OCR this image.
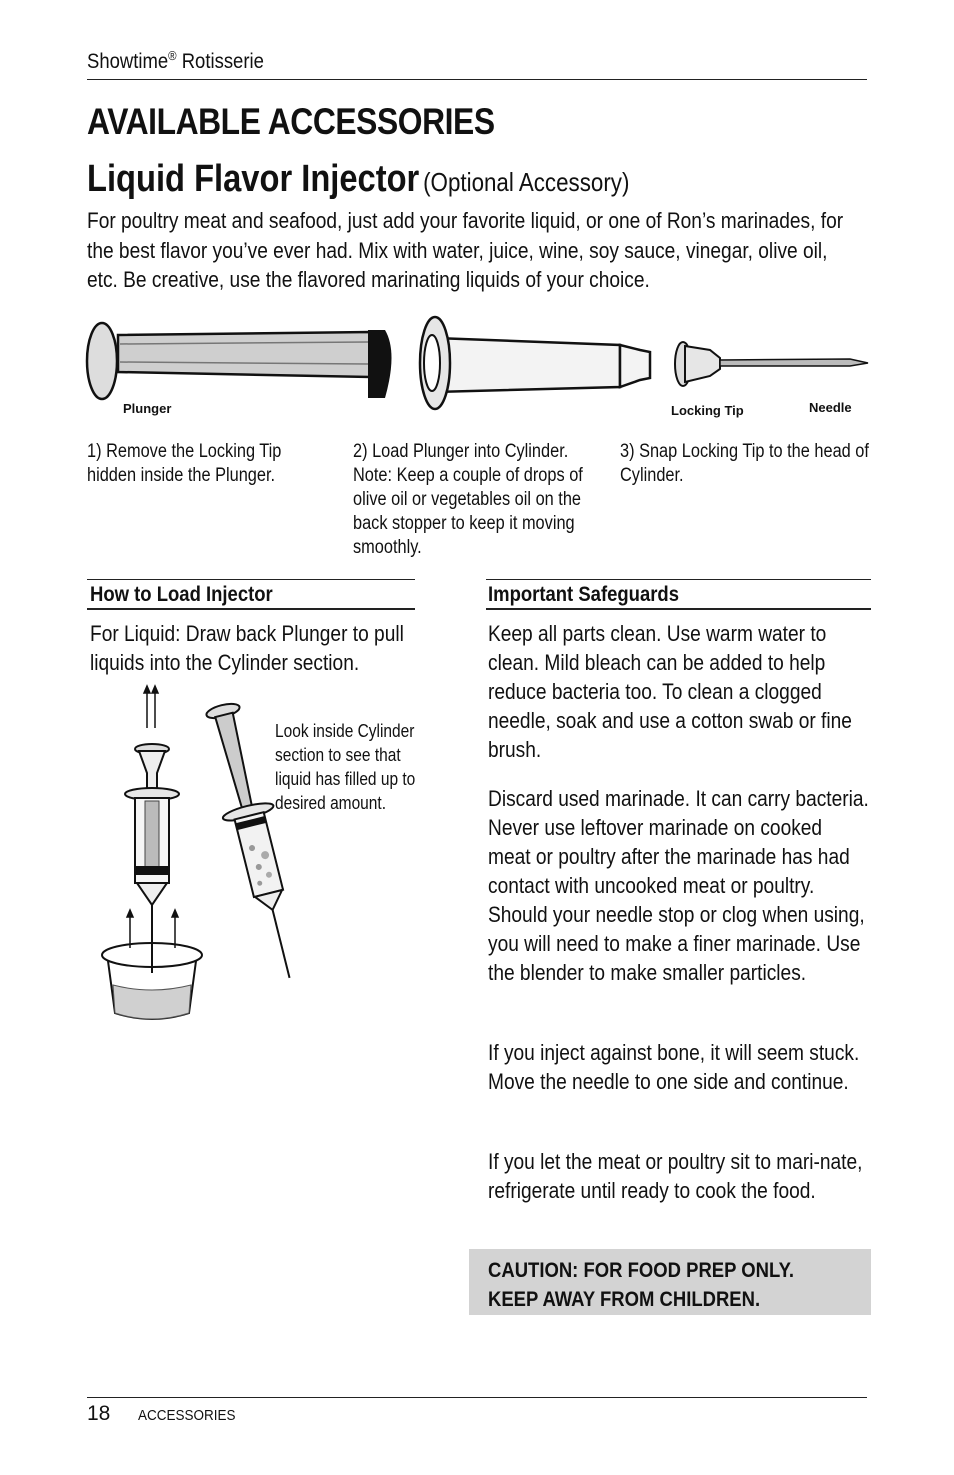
Showtime® Rotisserie
AVAILABLE ACCESSORIES
Liquid Flavor Injector (Optional Accessory)
For poultry meat and seafood, just add your favorite liquid, or one of Ron’s marinades, for the best flavor you’ve ever had. Mix with water, juice, wine, soy sauce, vinegar, olive oil, etc. Be creative, use the flavored marinating liquids of your choice.
Plunger	Locking Tip	Needle
1) Remove the Locking Tip hidden inside the Plunger.
2) Load Plunger into Cylinder. Note: Keep a couple of drops of olive oil or vegetables oil on the back stopper to keep it moving smoothly.
3) Snap Locking Tip to the head of Cylinder.
How to Load Injector
For Liquid: Draw back Plunger to pull liquids into the Cylinder section.
Look inside Cylinder section to see that liquid has filled up to desired amount.
Important Safeguards
Keep all parts clean. Use warm water to clean. Mild bleach can be added to help reduce bacteria too. To clean a clogged needle, soak and use a cotton swab or fine brush.
Discard used marinade. It can carry bacteria. Never use leftover marinade on cooked meat or poultry after the marinade has had contact with uncooked meat or poultry. Should your needle stop or clog when using, you will need to make a finer marinade. Use the blender to make smaller particles.
If you inject against bone, it will seem stuck. Move the needle to one side and continue.
If you let the meat or poultry sit to mari-nate, refrigerate until ready to cook the food.
CAUTION: FOR FOOD PREP ONLY.
KEEP AWAY FROM CHILDREN.
18 ACCESSORIES
